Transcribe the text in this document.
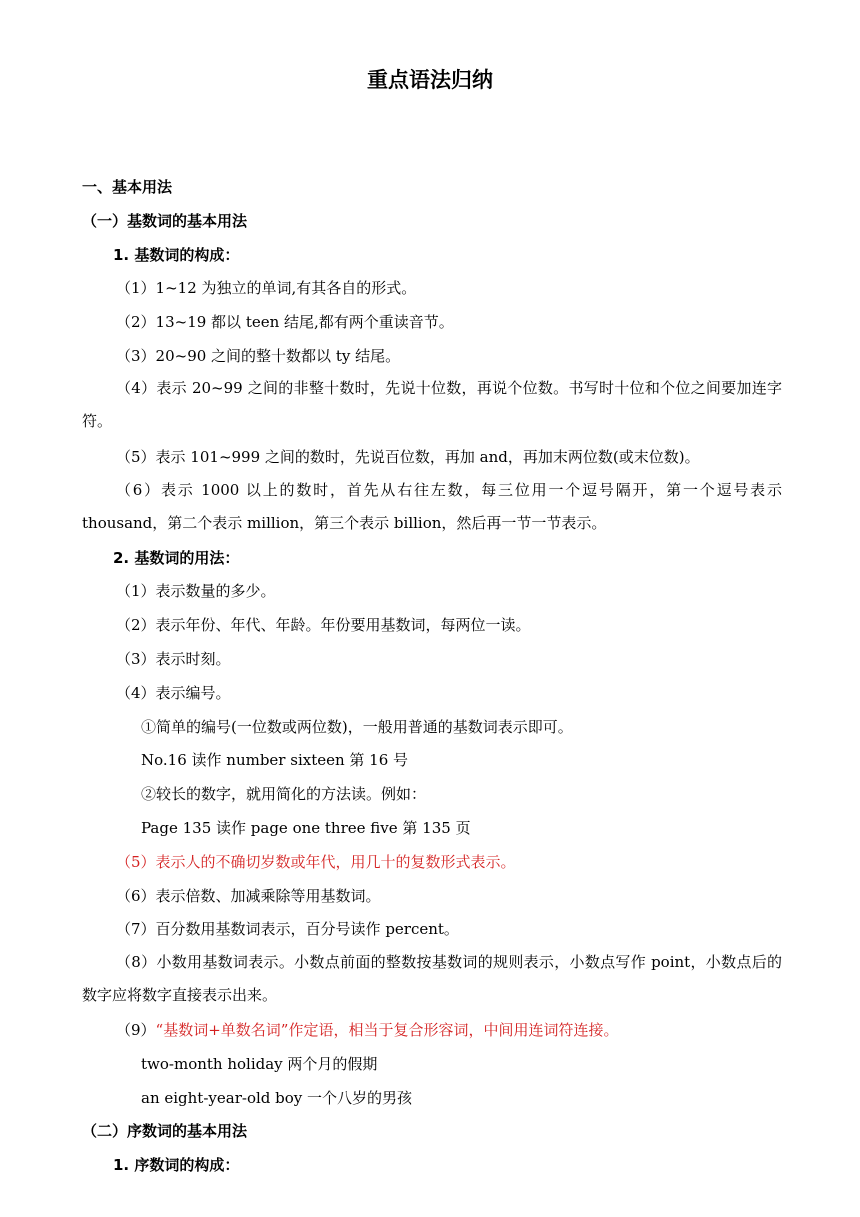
重点语法归纳
一、基本用法
（一）基数词的基本用法
1. 基数词的构成：
（1）1~12 为独立的单词,有其各自的形式。
（2）13~19 都以 teen 结尾,都有两个重读音节。
（3）20~90 之间的整十数都以 ty 结尾。
（4）表示 20~99 之间的非整十数时，先说十位数，再说个位数。书写时十位和个位之间要加连字符。
（5）表示 101~999 之间的数时，先说百位数，再加 and，再加末两位数(或末位数)。
（6）表示 1000 以上的数时，首先从右往左数，每三位用一个逗号隔开，第一个逗号表示 thousand，第二个表示 million，第三个表示 billion，然后再一节一节表示。
2. 基数词的用法：
（1）表示数量的多少。
（2）表示年份、年代、年龄。年份要用基数词，每两位一读。
（3）表示时刻。
（4）表示编号。
①简单的编号(一位数或两位数)，一般用普通的基数词表示即可。
No.16 读作 number sixteen 第 16 号
②较长的数字，就用简化的方法读。例如：
Page 135 读作 page one three five 第 135 页
（5）表示人的不确切岁数或年代，用几十的复数形式表示。
（6）表示倍数、加减乘除等用基数词。
（7）百分数用基数词表示，百分号读作 percent。
（8）小数用基数词表示。小数点前面的整数按基数词的规则表示，小数点写作 point，小数点后的数字应将数字直接表示出来。
（9）“基数词+单数名词”作定语，相当于复合形容词，中间用连词符连接。
two-month holiday 两个月的假期
an eight-year-old boy 一个八岁的男孩
（二）序数词的基本用法
1. 序数词的构成：
